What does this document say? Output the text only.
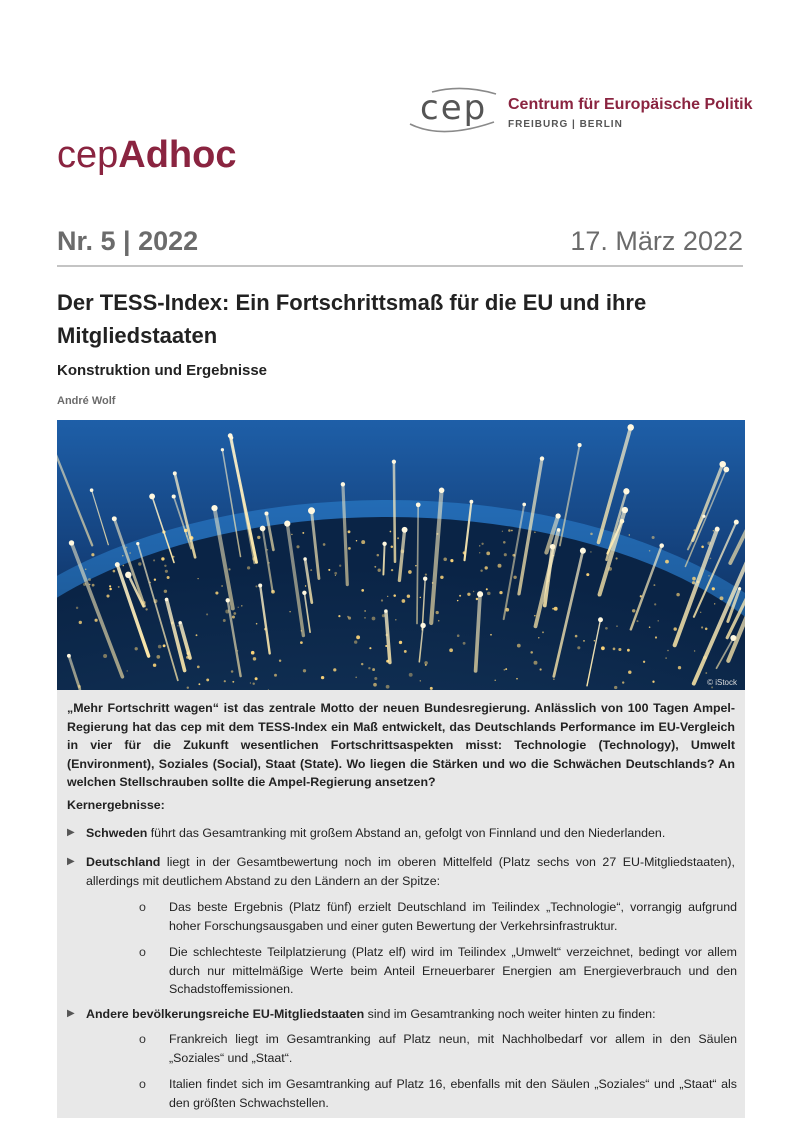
cep Centrum für Europäische Politik
FREIBURG | BERLIN
cepAdhoc
Nr. 5 | 2022	17. März 2022
Der TESS-Index: Ein Fortschrittsmaß für die EU und ihre Mitgliedstaaten
Konstruktion und Ergebnisse
André Wolf
© iStock
„Mehr Fortschritt wagen“ ist das zentrale Motto der neuen Bundesregierung. Anlässlich von 100 Tagen Ampel-Regierung hat das cep mit dem TESS-Index ein Maß entwickelt, das Deutschlands Performance im EU-Vergleich in vier für die Zukunft wesentlichen Fortschrittsaspekten misst: Technologie (Technology), Umwelt (Environment), Soziales (Social), Staat (State). Wo liegen die Stärken und wo die Schwächen Deutschlands? An welchen Stellschrauben sollte die Ampel-Regierung ansetzen?
Kernergebnisse:
▶ Schweden führt das Gesamtranking mit großem Abstand an, gefolgt von Finnland und den Niederlanden.
▶ Deutschland liegt in der Gesamtbewertung noch im oberen Mittelfeld (Platz sechs von 27 EU-Mitgliedstaaten), allerdings mit deutlichem Abstand zu den Ländern an der Spitze:
o	Das beste Ergebnis (Platz fünf) erzielt Deutschland im Teilindex „Technologie“, vorrangig aufgrund hoher Forschungsausgaben und einer guten Bewertung der Verkehrsinfrastruktur.
o	Die schlechteste Teilplatzierung (Platz elf) wird im Teilindex „Umwelt“ verzeichnet, bedingt vor allem durch nur mittelmäßige Werte beim Anteil Erneuerbarer Energien am Energieverbrauch und den Schadstoffemissionen.
▶ Andere bevölkerungsreiche EU-Mitgliedstaaten sind im Gesamtranking noch weiter hinten zu finden:
o	Frankreich liegt im Gesamtranking auf Platz neun, mit Nachholbedarf vor allem in den Säulen „Soziales“ und „Staat“.
o	Italien findet sich im Gesamtranking auf Platz 16, ebenfalls mit den Säulen „Soziales“ und „Staat“ als den größten Schwachstellen.
